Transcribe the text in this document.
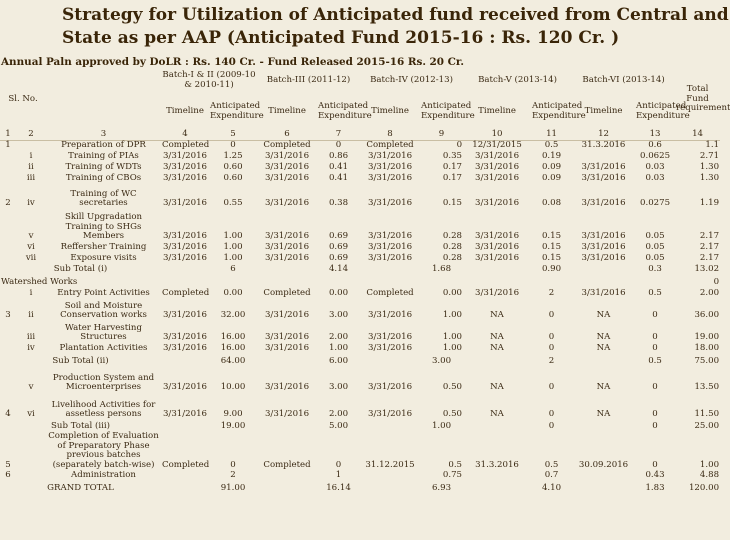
Strategy for Utilization of Anticipated fund received from Central and
State as per AAP (Anticipated Fund 2015-16 : Rs. 120 Cr. )
Annual Paln approved by DoLR : Rs. 140 Cr. - Fund Released 2015-16 Rs. 20 Cr.
Sl. No.			Batch-I & II (2009-10 & 2010-11)		Batch-III (2011-12)		Batch-IV (2012-13)		Batch-V (2013-14)		Batch-VI (2013-14)		Total Fund requirement
			Timeline	Anticipated Expenditure	Timeline	Anticipated Expenditure	Timeline	Anticipated Expenditure	Timeline	Anticipated Expenditure	Timeline	Anticipated Expenditure	
1	2	3	4	5	6	7	8	9	10	11	12	13	14
1		Preparation of DPR	Completed	0	Completed	0	Completed	0	12/31/2015	0.5	31.3.2016	0.6	1.1
	i	Training of PIAs	3/31/2016	1.25	3/31/2016	0.86	3/31/2016	0.35	3/31/2016	0.19		0.0625	2.71
	ii	Training of WDTs	3/31/2016	0.60	3/31/2016	0.41	3/31/2016	0.17	3/31/2016	0.09	3/31/2016	0.03	1.30
	iii	Training of CBOs	3/31/2016	0.60	3/31/2016	0.41	3/31/2016	0.17	3/31/2016	0.09	3/31/2016	0.03	1.30
2	iv	Training of WC secretaries	3/31/2016	0.55	3/31/2016	0.38	3/31/2016	0.15	3/31/2016	0.08	3/31/2016	0.0275	1.19
	v	Skill Upgradation Training to SHGs Members	3/31/2016	1.00	3/31/2016	0.69	3/31/2016	0.28	3/31/2016	0.15	3/31/2016	0.05	2.17
	vi	Reffersher Training	3/31/2016	1.00	3/31/2016	0.69	3/31/2016	0.28	3/31/2016	0.15	3/31/2016	0.05	2.17
	vii	Exposure visits	3/31/2016	1.00	3/31/2016	0.69	3/31/2016	0.28	3/31/2016	0.15	3/31/2016	0.05	2.17
Sub Total (i)				6		4.14		1.68		0.90		0.3	13.02
Watershed Works													0
	i	Entry Point Activities	Completed	0.00	Completed	0.00	Completed	0.00	3/31/2016	2	3/31/2016	0.5	2.00
3	ii	Soil and Moisture Conservation works	3/31/2016	32.00	3/31/2016	3.00	3/31/2016	1.00	NA	0	NA	0	36.00
	iii	Water Harvesting Structures	3/31/2016	16.00	3/31/2016	2.00	3/31/2016	1.00	NA	0	NA	0	19.00
	iv	Plantation Activities	3/31/2016	16.00	3/31/2016	1.00	3/31/2016	1.00	NA	0	NA	0	18.00
Sub Total (ii)				64.00		6.00		3.00		2		0.5	75.00
	v	Production System and Microenterprises	3/31/2016	10.00	3/31/2016	3.00	3/31/2016	0.50	NA	0	NA	0	13.50
4	vi	Livelihood Activities for assetless persons	3/31/2016	9.00	3/31/2016	2.00	3/31/2016	0.50	NA	0	NA	0	11.50
Sub Total (iii)				19.00		5.00		1.00		0		0	25.00
5		Completion of Evaluation of Preparatory Phase previous batches (separately batch-wise)	Completed	0	Completed	0	31.12.2015	0.5	31.3.2016	0.5	30.09.2016	0	1.00
6		Administration		2		1		0.75		0.7		0.43	4.88
GRAND TOTAL				91.00		16.14		6.93		4.10		1.83	120.00
